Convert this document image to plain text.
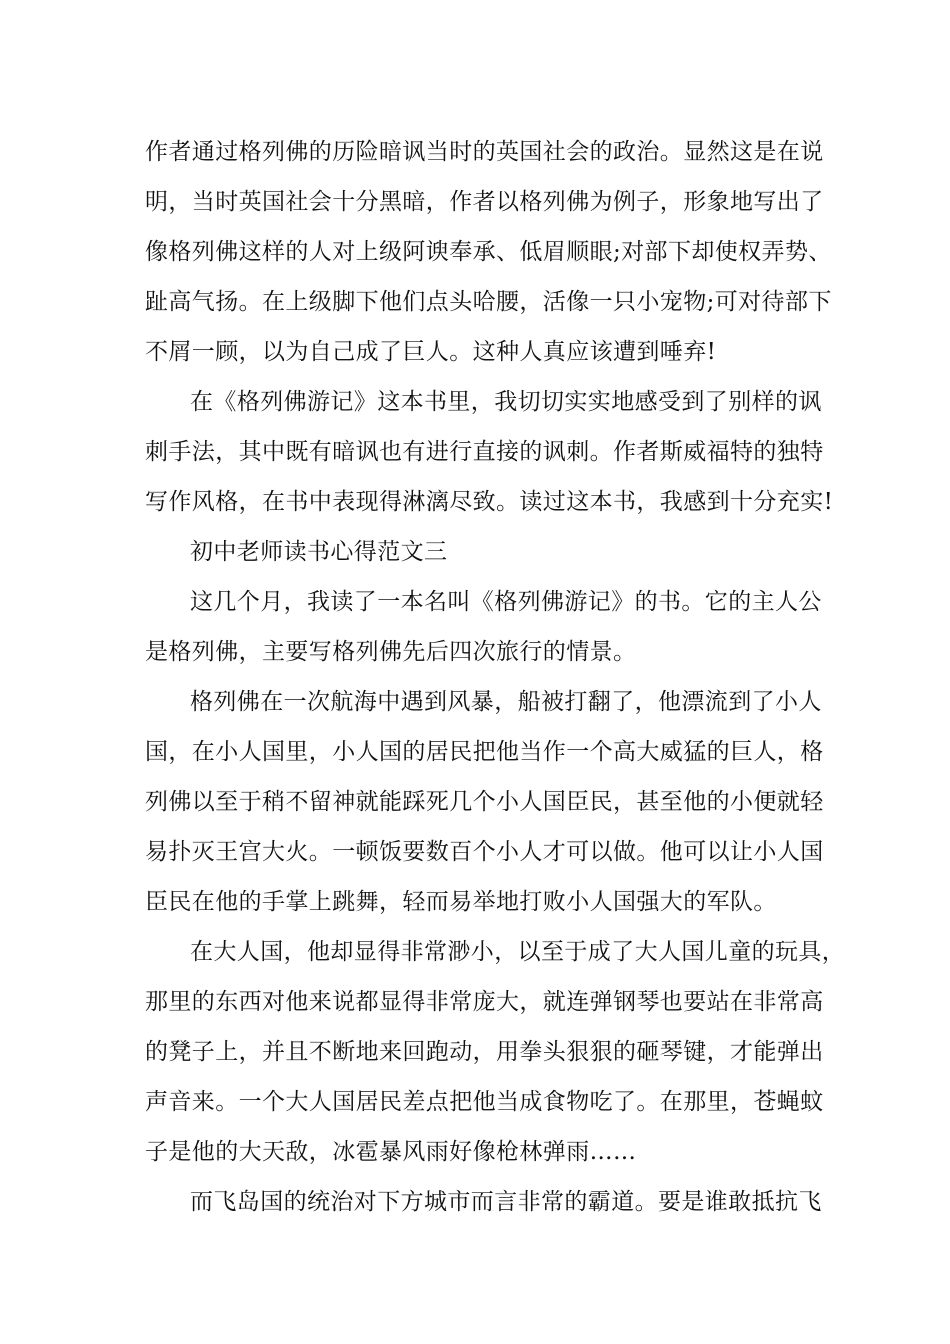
作者通过格列佛的历险暗讽当时的英国社会的政治。显然这是在说
明，当时英国社会十分黑暗，作者以格列佛为例子，形象地写出了
像格列佛这样的人对上级阿谀奉承、低眉顺眼;对部下却使权弄势、
趾高气扬。在上级脚下他们点头哈腰，活像一只小宠物;可对待部下
不屑一顾，以为自己成了巨人。这种人真应该遭到唾弃!
在《格列佛游记》这本书里，我切切实实地感受到了别样的讽
刺手法，其中既有暗讽也有进行直接的讽刺。作者斯威福特的独特
写作风格，在书中表现得淋漓尽致。读过这本书，我感到十分充实!
初中老师读书心得范文三
这几个月，我读了一本名叫《格列佛游记》的书。它的主人公
是格列佛，主要写格列佛先后四次旅行的情景。
格列佛在一次航海中遇到风暴，船被打翻了，他漂流到了小人
国，在小人国里，小人国的居民把他当作一个高大威猛的巨人，格
列佛以至于稍不留神就能踩死几个小人国臣民，甚至他的小便就轻
易扑灭王宫大火。一顿饭要数百个小人才可以做。他可以让小人国
臣民在他的手掌上跳舞，轻而易举地打败小人国强大的军队。
在大人国，他却显得非常渺小，以至于成了大人国儿童的玩具，
那里的东西对他来说都显得非常庞大，就连弹钢琴也要站在非常高
的凳子上，并且不断地来回跑动，用拳头狠狠的砸琴键，才能弹出
声音来。一个大人国居民差点把他当成食物吃了。在那里，苍蝇蚊
子是他的大天敌，冰雹暴风雨好像枪林弹雨……
而飞岛国的统治对下方城市而言非常的霸道。要是谁敢抵抗飞
